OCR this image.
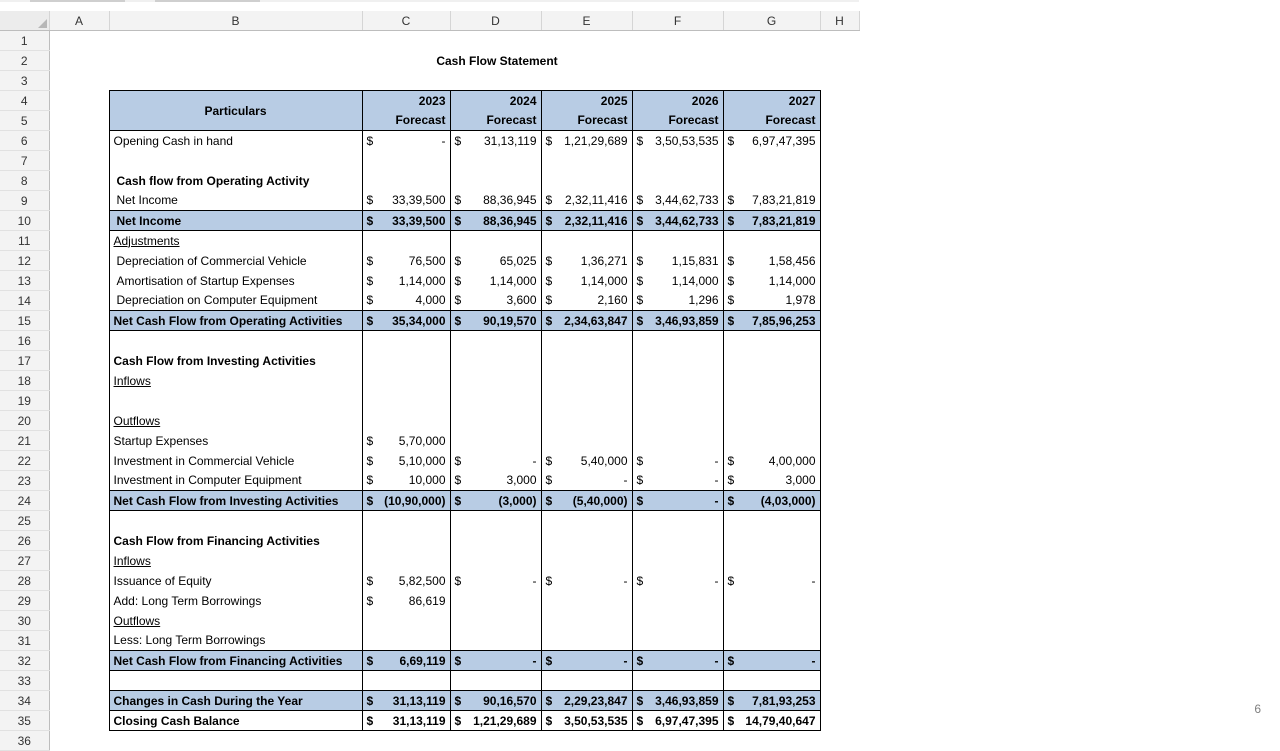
	A	B	C	D	E	F	G	H
1								
2			Cash Flow Statement					
3								
4		Particulars	2023	2024	2025	2026	2027	
5			Forecast	Forecast	Forecast	Forecast	Forecast	
6		Opening Cash in hand	$ -	$ 31,13,119	$ 1,21,29,689	$ 3,50,53,535	$ 6,97,47,395	

7								
8		Cash flow from Operating Activity						
9		Net Income	$ 33,39,500	$ 88,36,945	$ 2,32,11,416	$ 3,44,62,733	$ 7,83,21,819	

10		Net Income	$ 33,39,500	$ 88,36,945	$ 2,32,11,416	$ 3,44,62,733	$ 7,83,21,819	

11		Adjustments						
12		Depreciation of Commercial Vehicle	$ 76,500	$ 65,025	$ 1,36,271	$ 1,15,831	$ 1,58,456	

13		Amortisation of Startup Expenses	$ 1,14,000	$ 1,14,000	$ 1,14,000	$ 1,14,000	$ 1,14,000	

14		Depreciation on Computer Equipment	$ 4,000	$ 3,600	$ 2,160	$ 1,296	$ 1,978	

15		Net Cash Flow from Operating Activities	$ 35,34,000	$ 90,19,570	$ 2,34,63,847	$ 3,46,93,859	$ 7,85,96,253	

16								
17		Cash Flow from Investing Activities						
18		Inflows						
19								
20		Outflows						
21		Startup Expenses	$ 5,70,000					

22		Investment in Commercial Vehicle	$ 5,10,000	$ -	$ 5,40,000	$ -	$ 4,00,000	

23		Investment in Computer Equipment	$ 10,000	$ 3,000	$ -	$ -	$ 3,000	

24		Net Cash Flow from Investing Activities	$ (10,90,000)	$ (3,000)	$ (5,40,000)	$ -	$ (4,03,000)	

25								
26		Cash Flow from Financing Activities						
27		Inflows						
28		Issuance of Equity	$ 5,82,500	$ -	$ -	$ -	$ -	

29		Add: Long Term Borrowings	$ 86,619					

30		Outflows						
31		Less: Long Term Borrowings						
32		Net Cash Flow from Financing Activities	$ 6,69,119	$ -	$ -	$ -	$ -	

33								
34		Changes in Cash During the Year	$ 31,13,119	$ 90,16,570	$ 2,29,23,847	$ 3,46,93,859	$ 7,81,93,253	

35		Closing Cash Balance	$ 31,13,119	$ 1,21,29,689	$ 3,50,53,535	$ 6,97,47,395	$ 14,79,40,647	

36								
6
